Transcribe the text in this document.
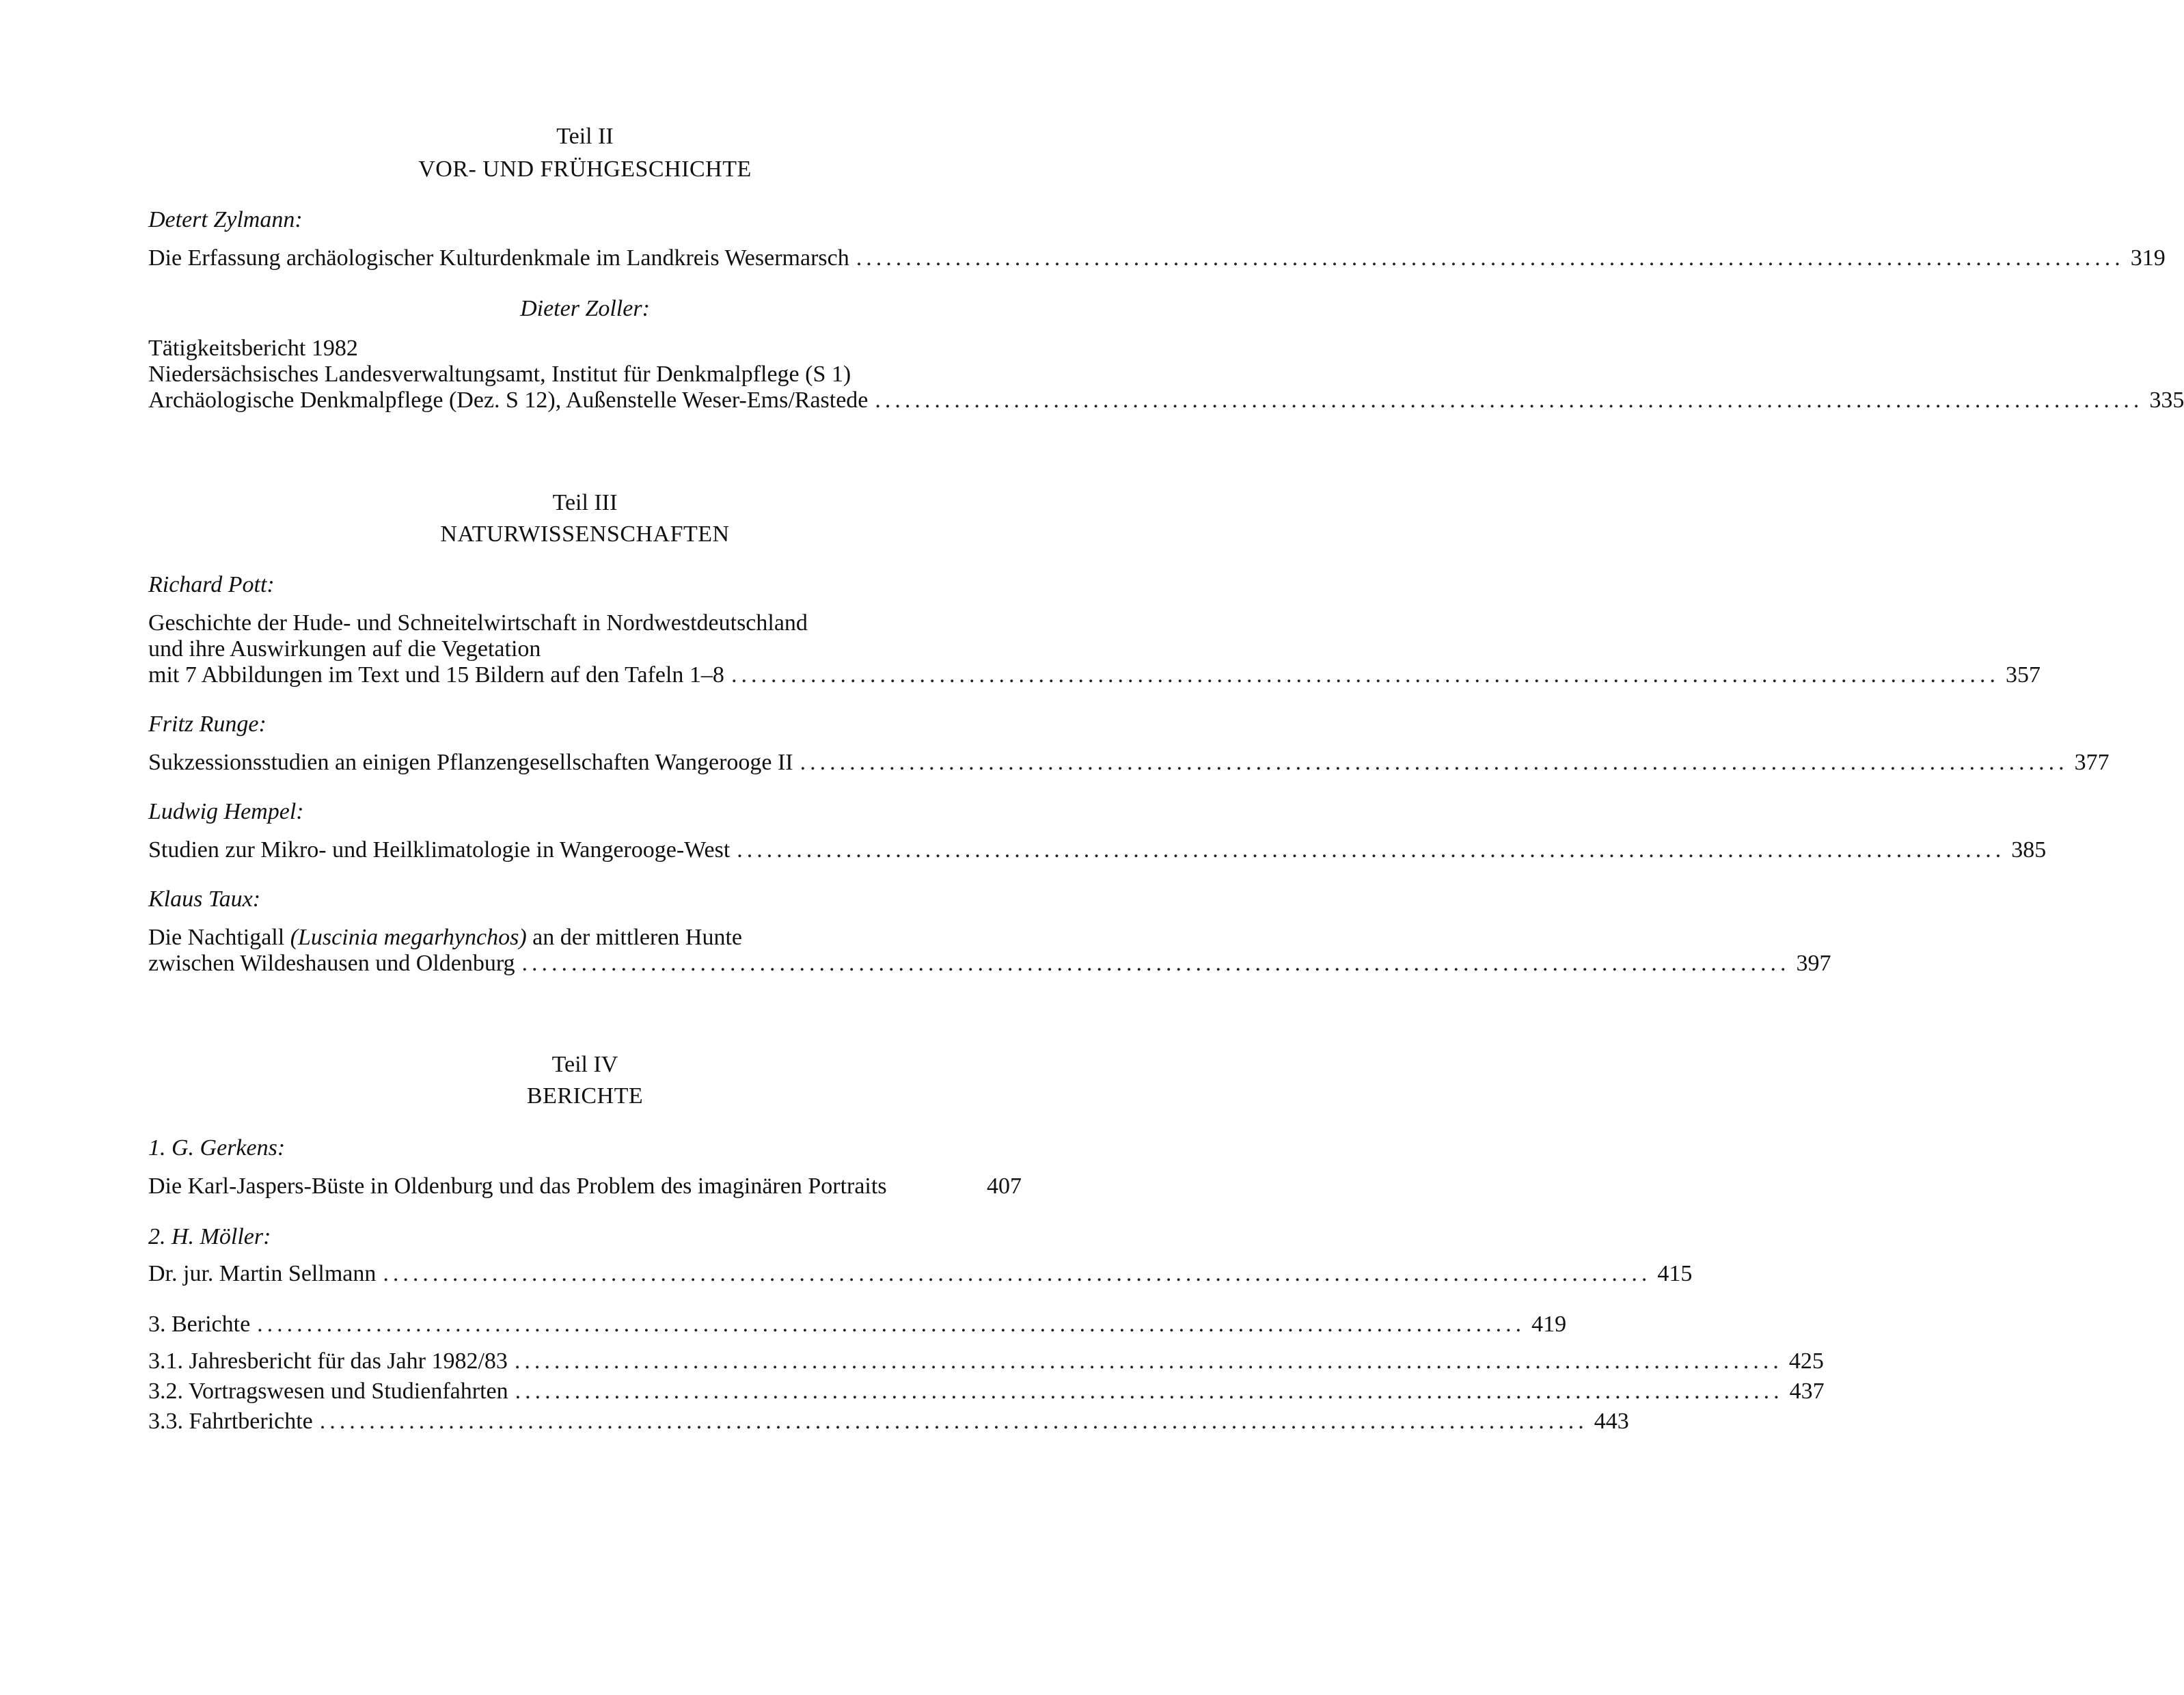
Teil II
VOR- UND FRÜHGESCHICHTE
Detert Zylmann:
Die Erfassung archäologischer Kulturdenkmale im Landkreis Wesermarsch ................................................................................................................................ 319
Dieter Zoller:
Tätigkeitsbericht 1982
Niedersächsisches Landesverwaltungsamt, Institut für Denkmalpflege (S 1)
Archäologische Denkmalpflege (Dez. S 12), Außenstelle Weser-Ems/Rastede ................................................................................................................................ 335
Teil III
NATURWISSENSCHAFTEN
Richard Pott:
Geschichte der Hude- und Schneitelwirtschaft in Nordwestdeutschland
und ihre Auswirkungen auf die Vegetation
mit 7 Abbildungen im Text und 15 Bildern auf den Tafeln 1–8 ................................................................................................................................ 357
Fritz Runge:
Sukzessionsstudien an einigen Pflanzengesellschaften Wangerooge II ................................................................................................................................ 377
Ludwig Hempel:
Studien zur Mikro- und Heilklimatologie in Wangerooge-West ................................................................................................................................ 385
Klaus Taux:
Die Nachtigall (Luscinia megarhynchos) an der mittleren Hunte
zwischen Wildeshausen und Oldenburg ................................................................................................................................ 397
Teil IV
BERICHTE
1. G. Gerkens:
Die Karl-Jaspers-Büste in Oldenburg und das Problem des imaginären Portraits	407
2. H. Möller:
Dr. jur. Martin Sellmann ................................................................................................................................ 415
3. Berichte ................................................................................................................................ 419
3.1. Jahresbericht für das Jahr 1982/83 ................................................................................................................................ 425
3.2. Vortragswesen und Studienfahrten ................................................................................................................................ 437
3.3. Fahrtberichte ................................................................................................................................ 443
